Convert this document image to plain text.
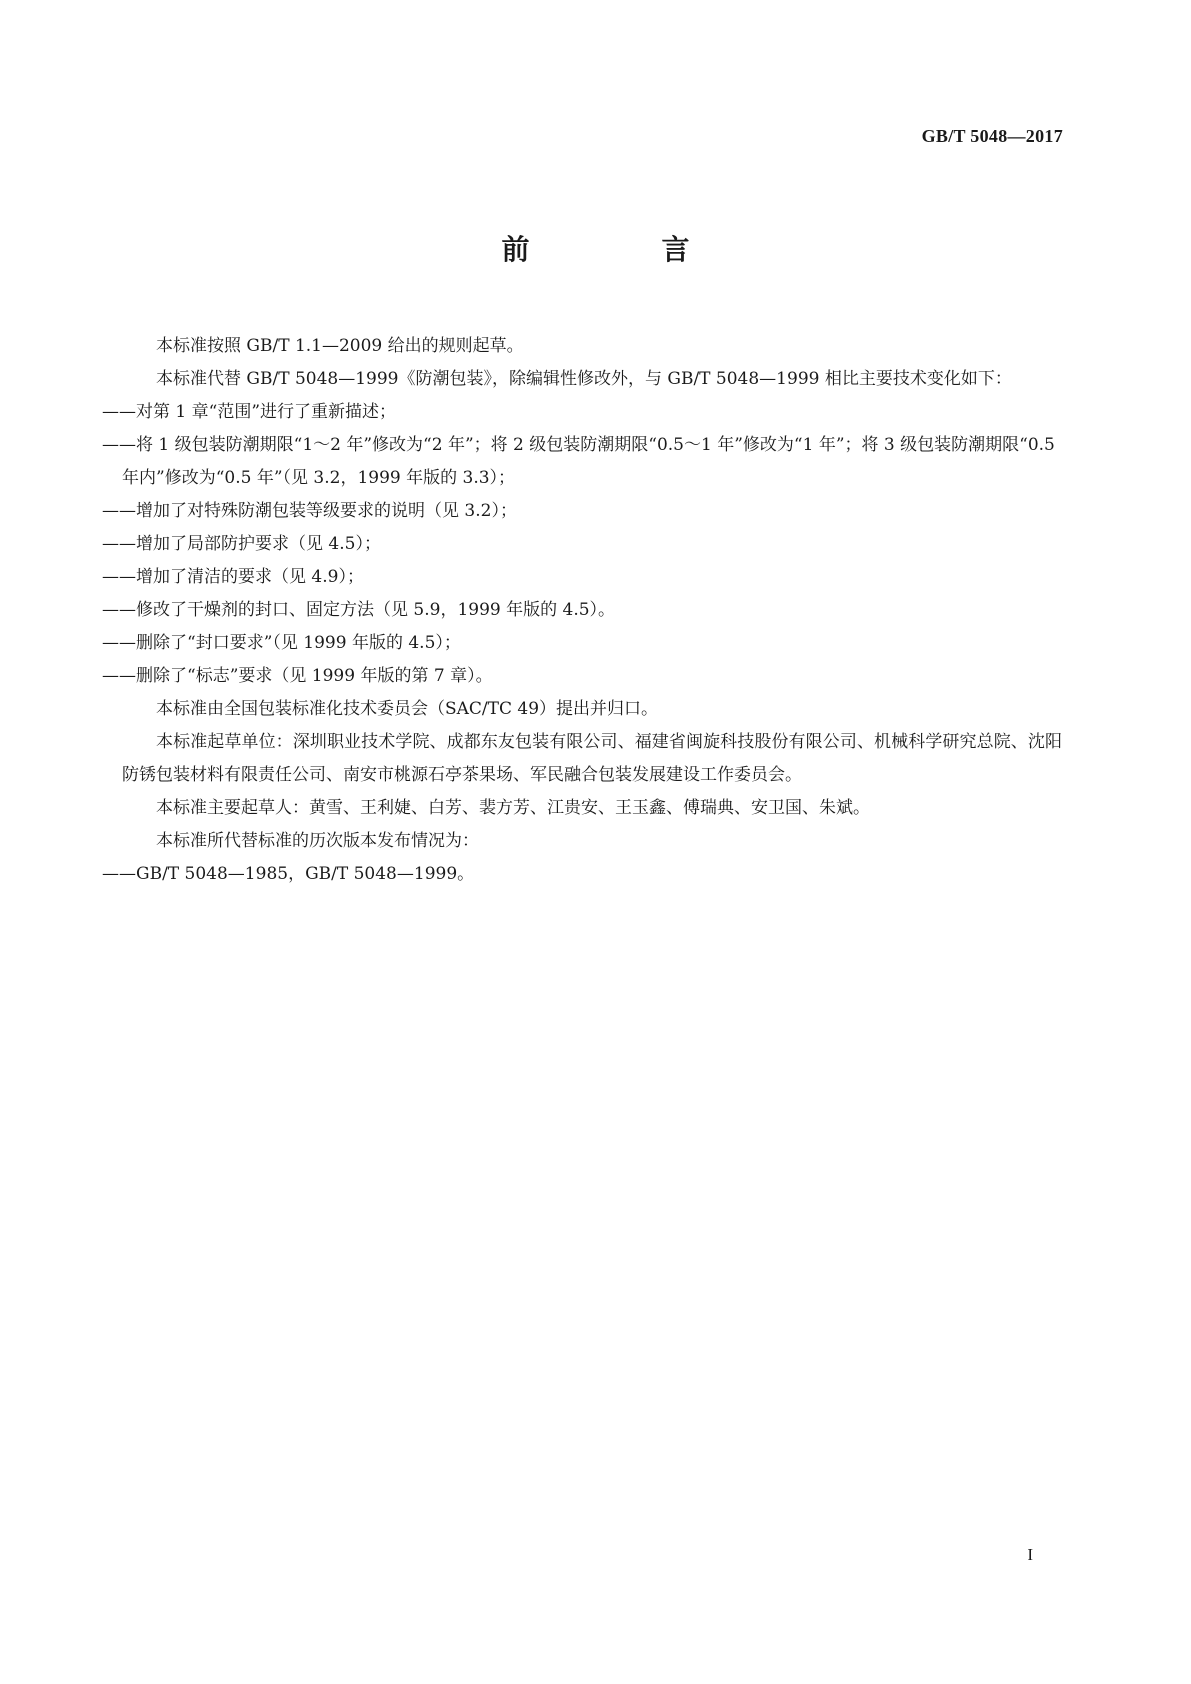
GB/T 5048—2017
前　言

本标准按照 GB/T 1.1—2009 给出的规则起草。

本标准代替 GB/T 5048—1999《防潮包装》，除编辑性修改外，与 GB/T 5048—1999 相比主要技术变化如下：

——对第 1 章“范围”进行了重新描述；

——将 1 级包装防潮期限“1～2 年”修改为“2 年”；将 2 级包装防潮期限“0.5～1 年”修改为“1 年”；将 3 级包装防潮期限“0.5 年内”修改为“0.5 年”（见 3.2，1999 年版的 3.3）；

——增加了对特殊防潮包装等级要求的说明（见 3.2）；

——增加了局部防护要求（见 4.5）；

——增加了清洁的要求（见 4.9）；

——修改了干燥剂的封口、固定方法（见 5.9，1999 年版的 4.5）。

——删除了“封口要求”（见 1999 年版的 4.5）；

——删除了“标志”要求（见 1999 年版的第 7 章）。

本标准由全国包装标准化技术委员会（SAC/TC 49）提出并归口。

本标准起草单位：深圳职业技术学院、成都东友包装有限公司、福建省闽旋科技股份有限公司、机械科学研究总院、沈阳防锈包装材料有限责任公司、南安市桃源石亭茶果场、军民融合包装发展建设工作委员会。

本标准主要起草人：黄雪、王利婕、白芳、裴方芳、江贵安、王玉鑫、傅瑞典、安卫国、朱斌。

本标准所代替标准的历次版本发布情况为：

——GB/T 5048—1985，GB/T 5048—1999。

I
